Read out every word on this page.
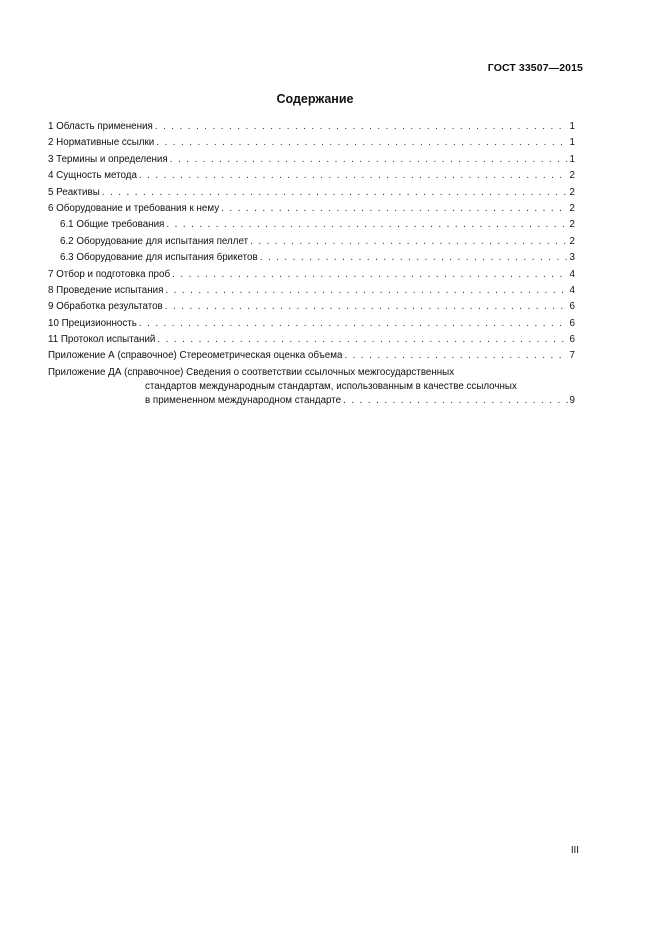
ГОСТ 33507—2015
Содержание
1 Область применения . . .	1
2 Нормативные ссылки . . .	1
3 Термины и определения . . .	1
4 Сущность метода . . .	2
5 Реактивы . . .	2
6 Оборудование и требования к нему . . .	2
6.1 Общие требования . . .	2
6.2 Оборудование для испытания пеллет . . .	2
6.3 Оборудование для испытания брикетов . . .	3
7 Отбор и подготовка проб . . .	4
8 Проведение испытания . . .	4
9 Обработка результатов . . .	6
10 Прецизионность . . .	6
11 Протокол испытаний . . .	6
Приложение А (справочное) Стереометрическая оценка объема . . .	7
Приложение ДА (справочное) Сведения о соответствии ссылочных межгосударственных
стандартов международным стандартам, использованным в качестве ссылочных
в примененном международном стандарте . . .	9
III
